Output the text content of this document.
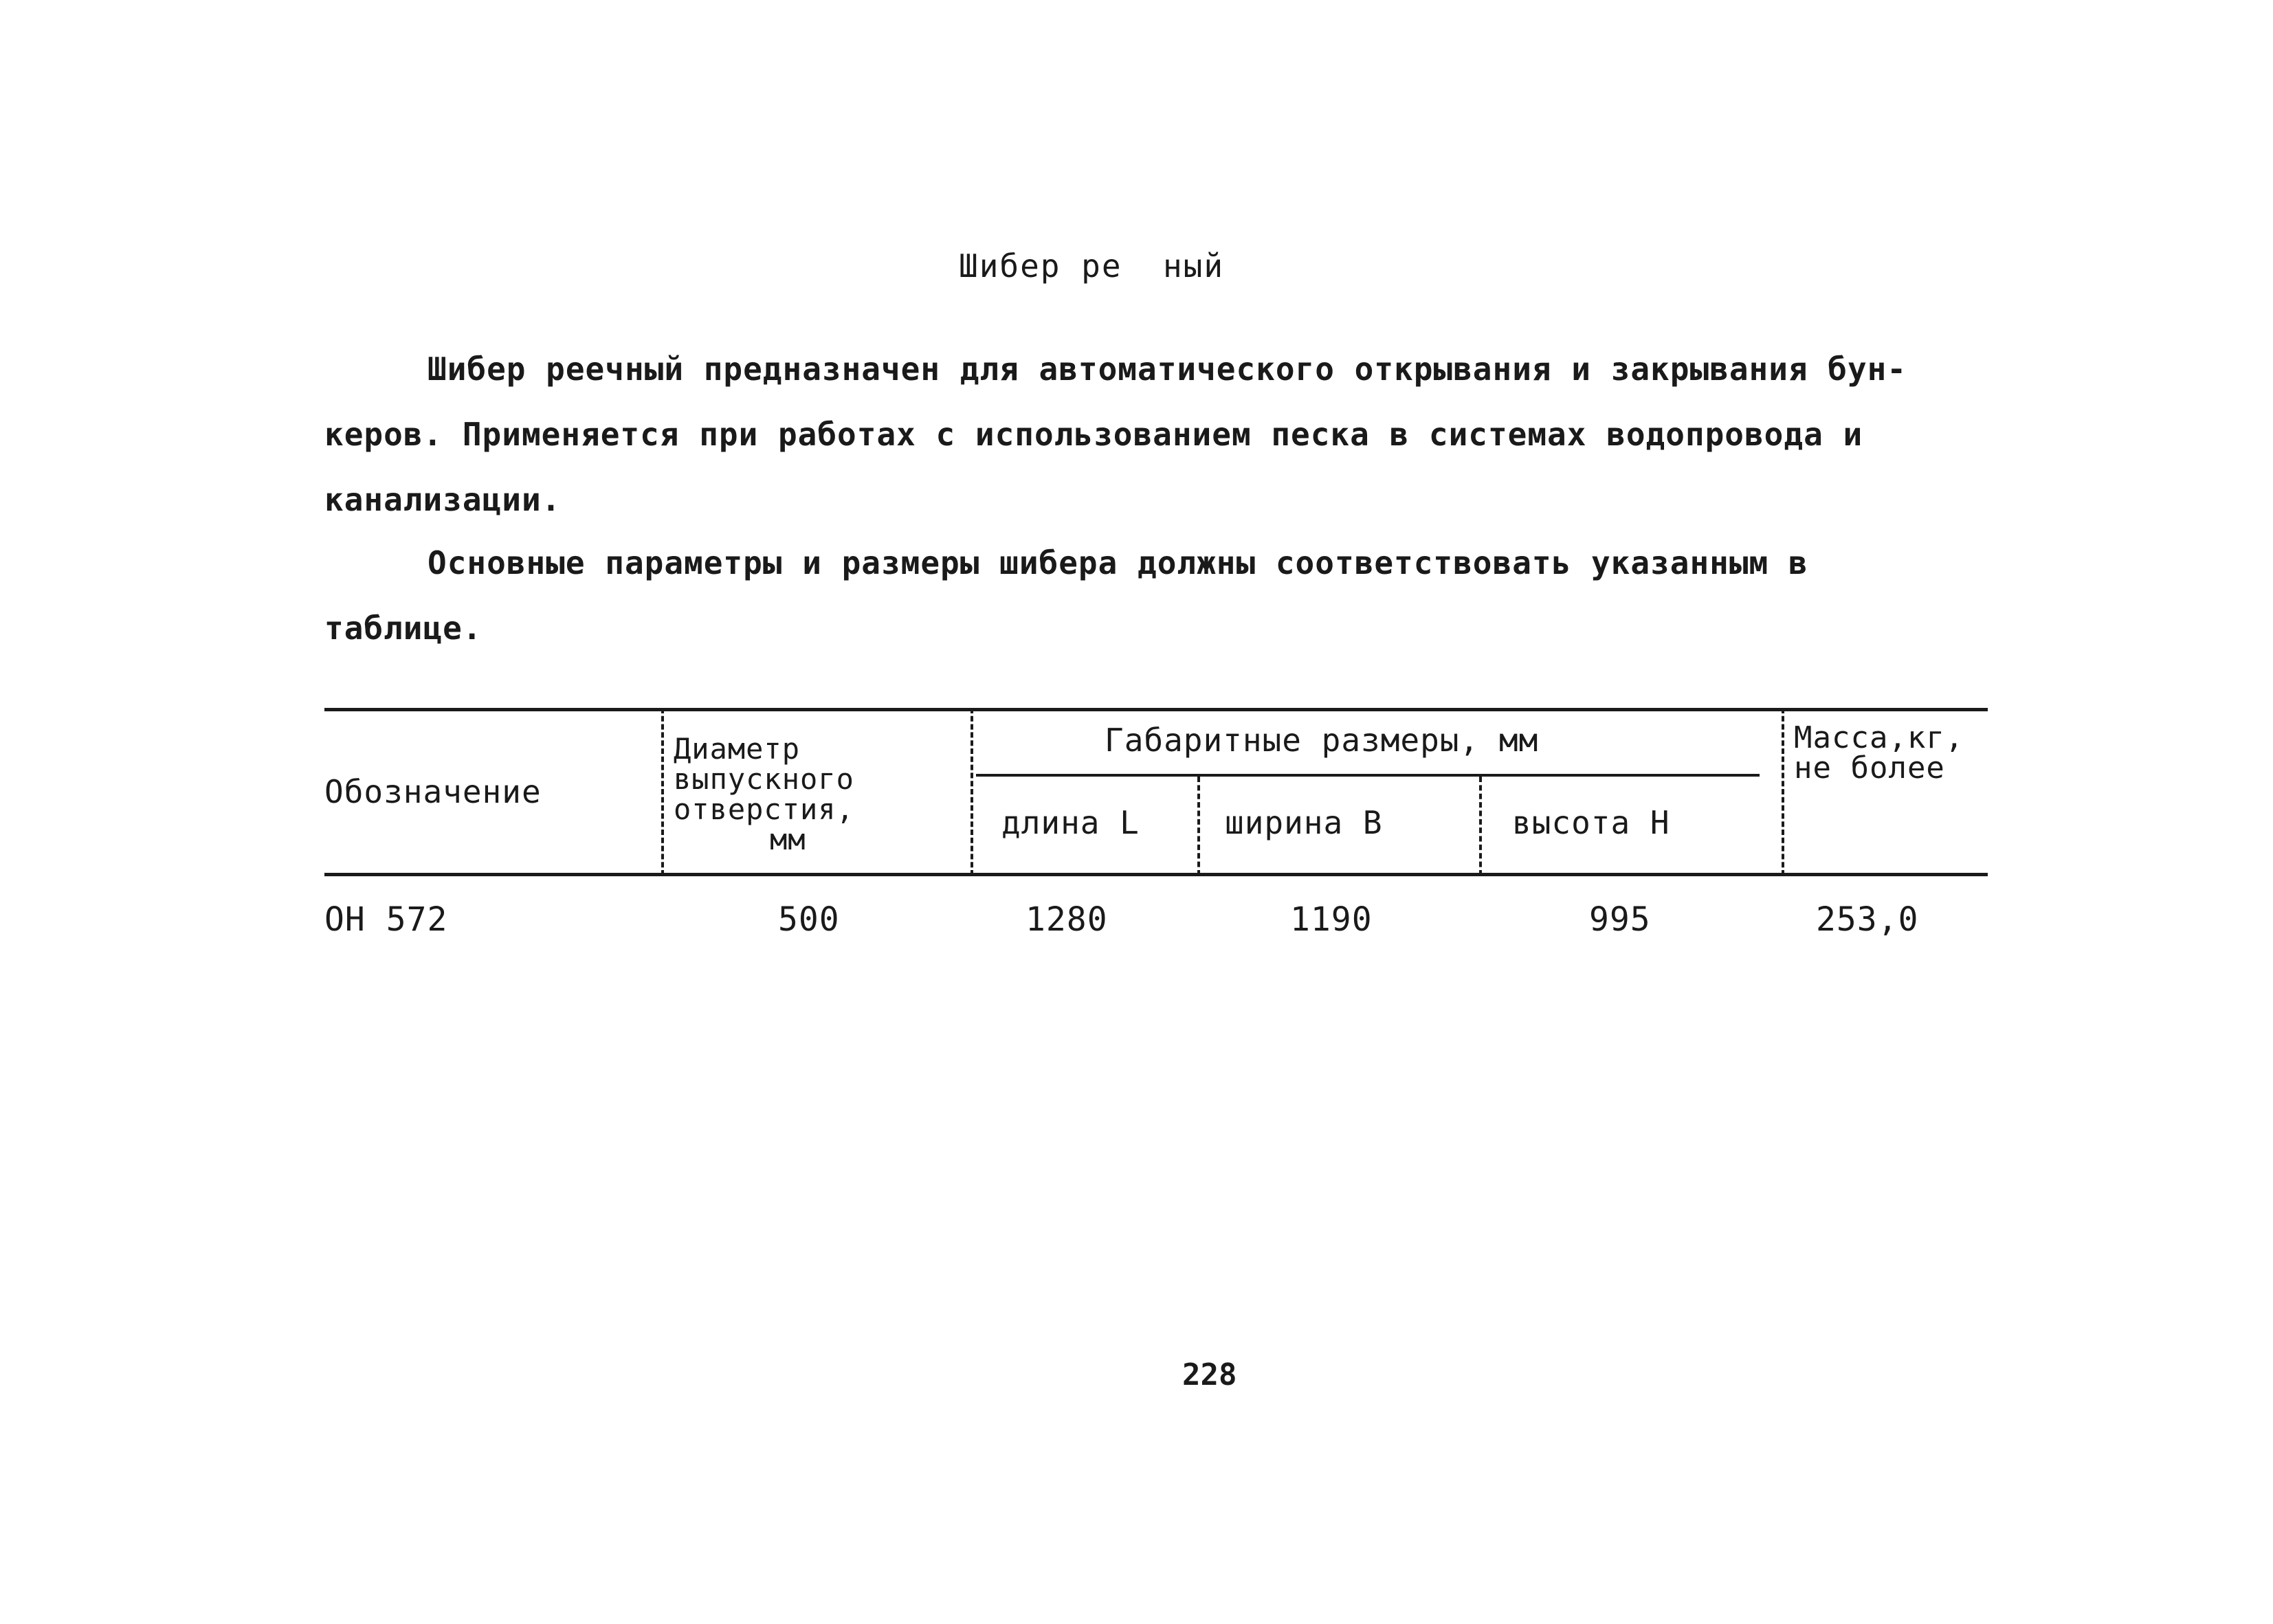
Шибер ре  ный
Шибер реечный предназначен для автоматического открывания и закрывания бун-
керов. Применяется при работах с использованием песка в системах водопровода и
канализации.
Основные параметры и размеры шибера должны соответствовать указанным в
таблице.
Обозначение
Диаметр
выпускного
отверстия,
мм
Габаритные размеры, мм
длина L	ширина В	высота Н
Масса,кг,
не более
ОН 572	500	1280	1190	995	253,0
228
